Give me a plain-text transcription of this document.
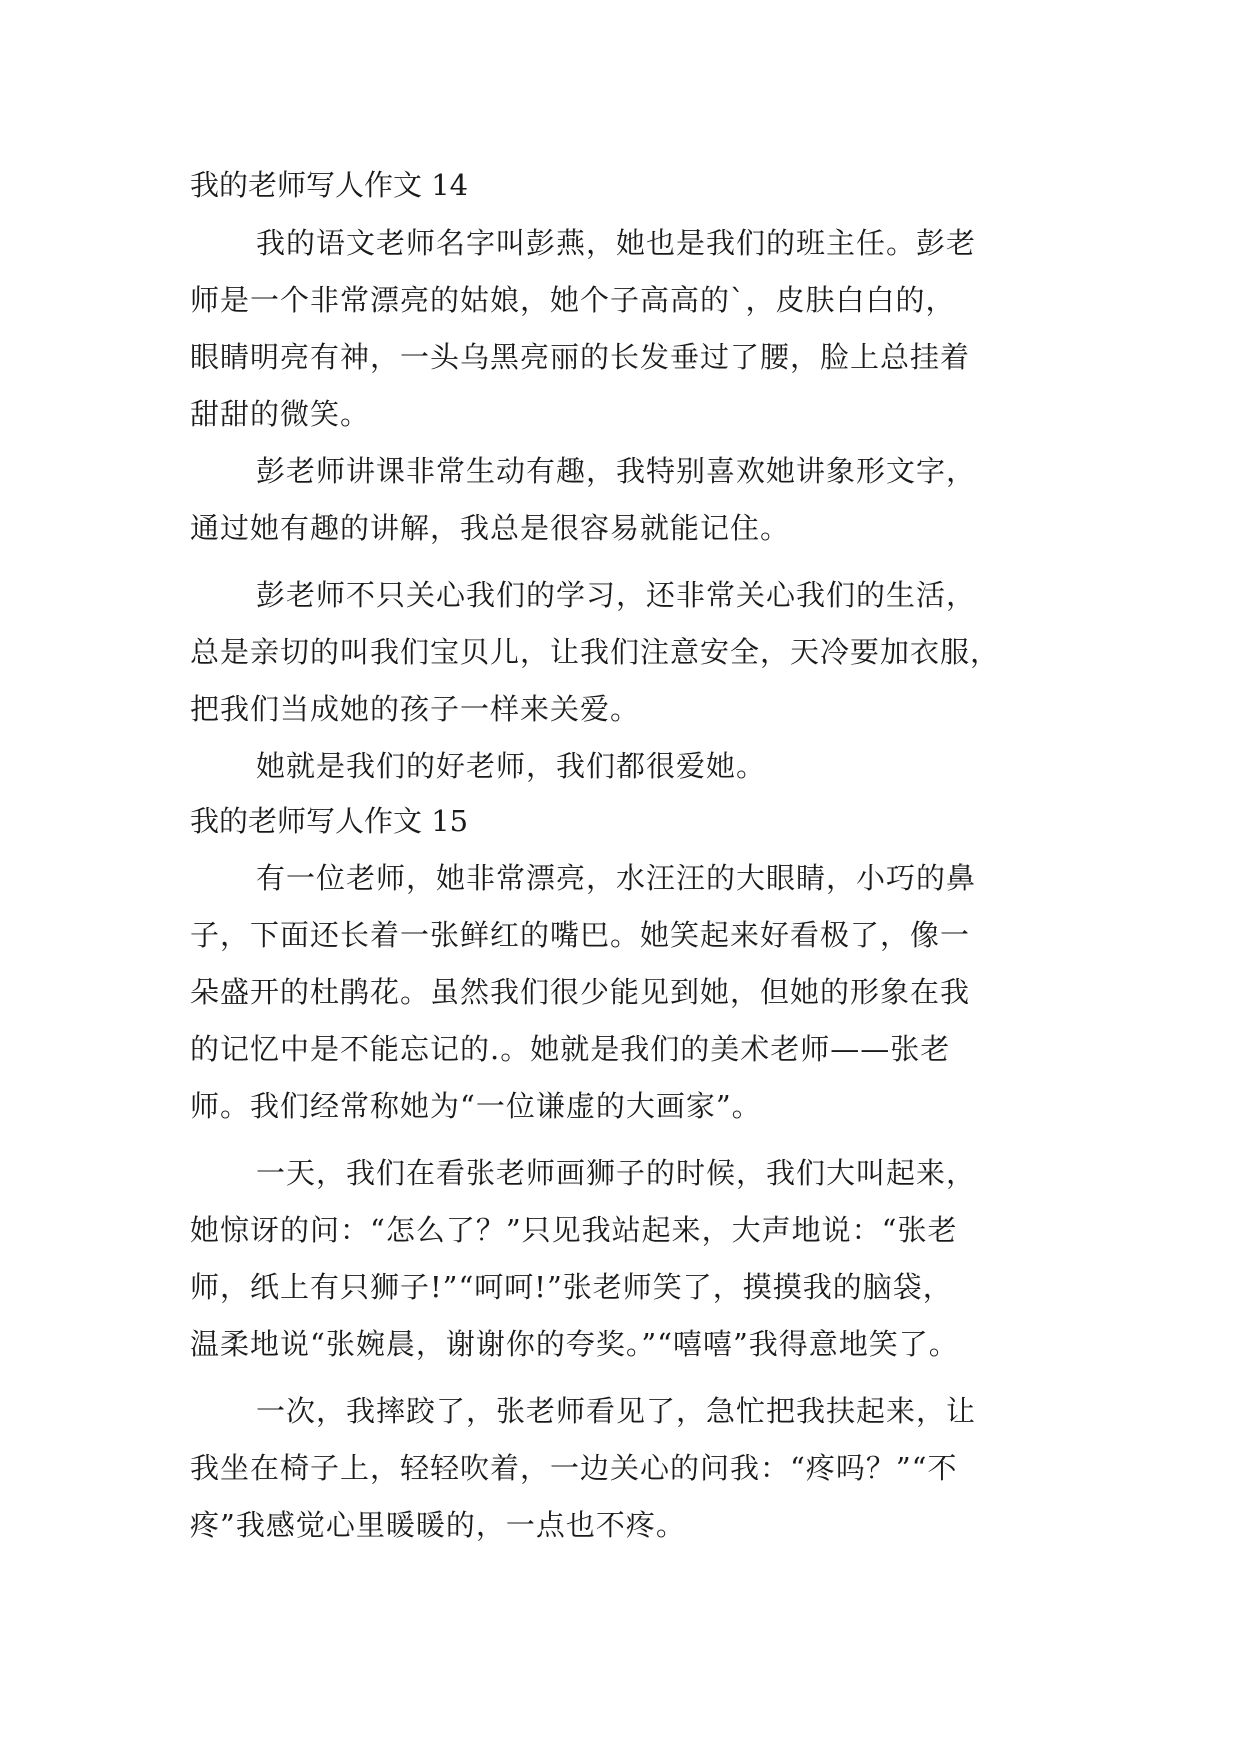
我的老师写人作文 14

我的语文老师名字叫彭燕，她也是我们的班主任。彭老

师是一个非常漂亮的姑娘，她个子高高的`，皮肤白白的，

眼睛明亮有神，一头乌黑亮丽的长发垂过了腰，脸上总挂着

甜甜的微笑。

彭老师讲课非常生动有趣，我特别喜欢她讲象形文字，

通过她有趣的讲解，我总是很容易就能记住。

彭老师不只关心我们的学习，还非常关心我们的生活，

总是亲切的叫我们宝贝儿，让我们注意安全，天冷要加衣服，

把我们当成她的孩子一样来关爱。

她就是我们的好老师，我们都很爱她。

我的老师写人作文 15

有一位老师，她非常漂亮，水汪汪的大眼睛，小巧的鼻

子，下面还长着一张鲜红的嘴巴。她笑起来好看极了，像一

朵盛开的杜鹃花。虽然我们很少能见到她，但她的形象在我

的记忆中是不能忘记的.。她就是我们的美术老师——张老

师。我们经常称她为“一位谦虚的大画家”。

一天，我们在看张老师画狮子的时候，我们大叫起来，

她惊讶的问：“怎么了？”只见我站起来，大声地说：“张老

师，纸上有只狮子!”“呵呵!”张老师笑了，摸摸我的脑袋，

温柔地说“张婉晨，谢谢你的夸奖。”“嘻嘻”我得意地笑了。

一次，我摔跤了，张老师看见了，急忙把我扶起来，让

我坐在椅子上，轻轻吹着，一边关心的问我：“疼吗？”“不

疼”我感觉心里暖暖的，一点也不疼。
